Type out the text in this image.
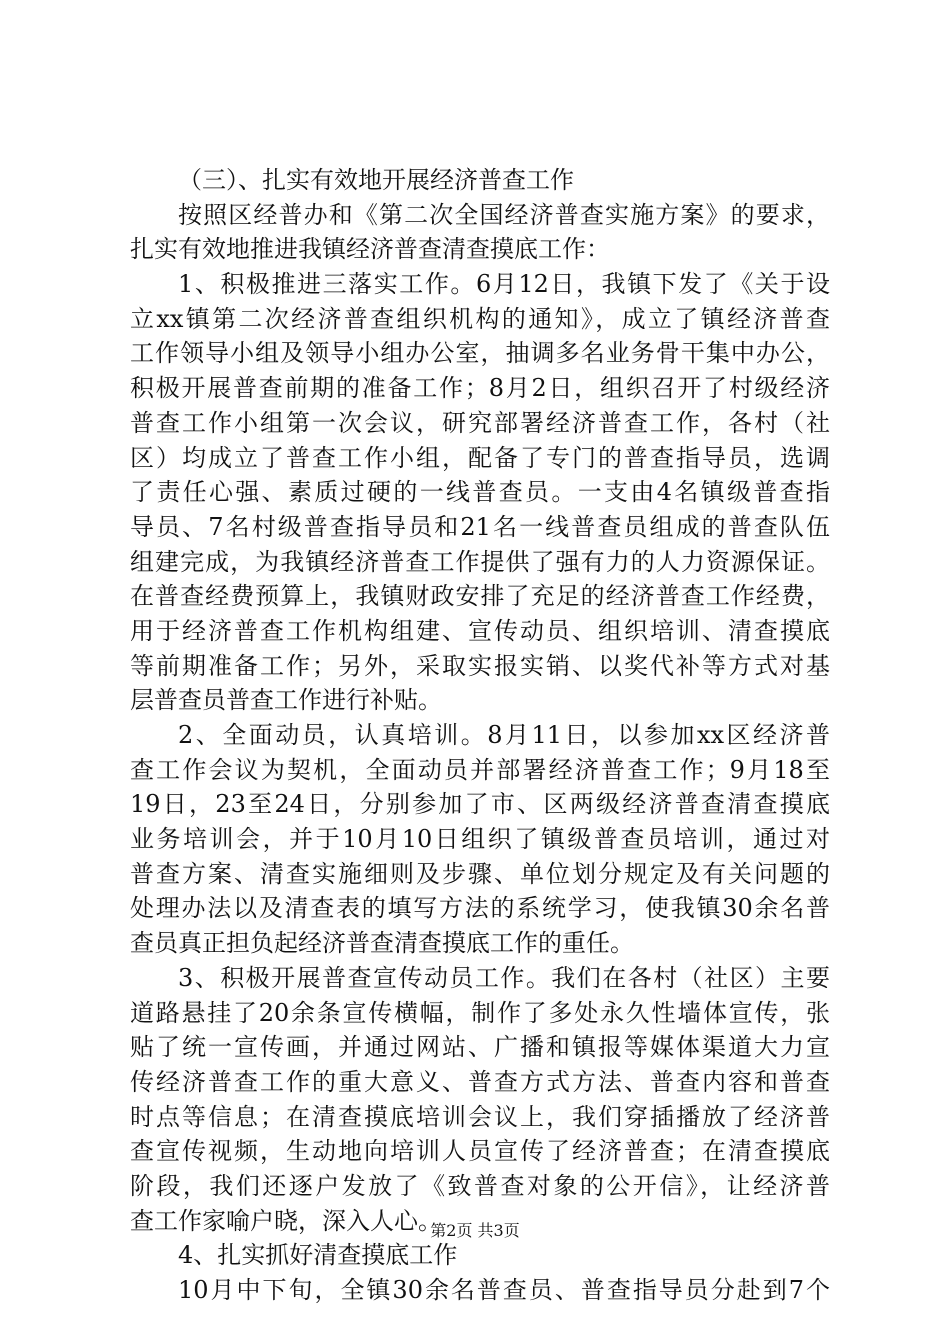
（三）、扎实有效地开展经济普查工作
按照区经普办和《第二次全国经济普查实施方案》的要求，
扎实有效地推进我镇经济普查清查摸底工作：
1、积极推进三落实工作。6月12日，我镇下发了《关于设
立xx镇第二次经济普查组织机构的通知》，成立了镇经济普查
工作领导小组及领导小组办公室，抽调多名业务骨干集中办公，
积极开展普查前期的准备工作；8月2日，组织召开了村级经济
普查工作小组第一次会议，研究部署经济普查工作，各村（社
区）均成立了普查工作小组，配备了专门的普查指导员，选调
了责任心强、素质过硬的一线普查员。一支由4名镇级普查指
导员、7名村级普查指导员和21名一线普查员组成的普查队伍
组建完成，为我镇经济普查工作提供了强有力的人力资源保证。
在普查经费预算上，我镇财政安排了充足的经济普查工作经费，
用于经济普查工作机构组建、宣传动员、组织培训、清查摸底
等前期准备工作；另外，采取实报实销、以奖代补等方式对基
层普查员普查工作进行补贴。
2、全面动员，认真培训。8月11日，以参加xx区经济普
查工作会议为契机，全面动员并部署经济普查工作；9月18至
19日，23至24日，分别参加了市、区两级经济普查清查摸底
业务培训会，并于10月10日组织了镇级普查员培训，通过对
普查方案、清查实施细则及步骤、单位划分规定及有关问题的
处理办法以及清查表的填写方法的系统学习，使我镇30余名普
查员真正担负起经济普查清查摸底工作的重任。
3、积极开展普查宣传动员工作。我们在各村（社区）主要
道路悬挂了20余条宣传横幅，制作了多处永久性墙体宣传，张
贴了统一宣传画，并通过网站、广播和镇报等媒体渠道大力宣
传经济普查工作的重大意义、普查方式方法、普查内容和普查
时点等信息；在清查摸底培训会议上，我们穿插播放了经济普
查宣传视频，生动地向培训人员宣传了经济普查；在清查摸底
阶段，我们还逐户发放了《致普查对象的公开信》，让经济普
查工作家喻户晓，深入人心。
4、扎实抓好清查摸底工作
10月中下旬，全镇30余名普查员、普查指导员分赴到7个
第2页 共3页
